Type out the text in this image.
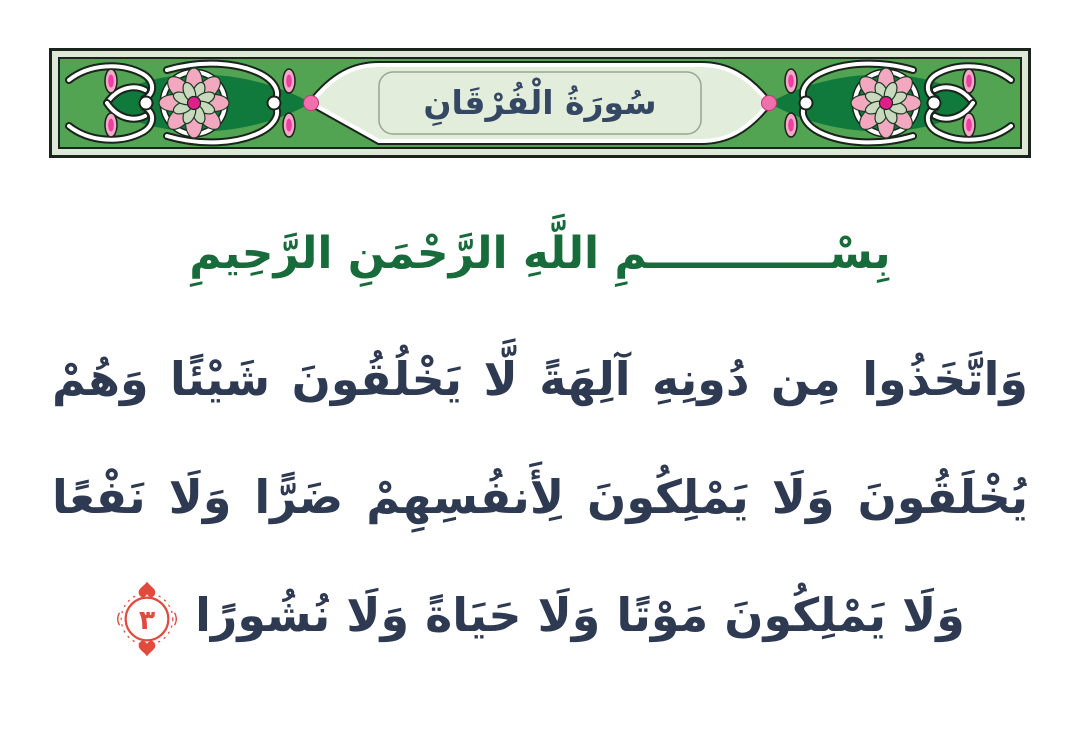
سُورَةُ الْفُرْقَانِ
بِسْــــــــــــمِ اللَّهِ الرَّحْمَنِ الرَّحِيمِ
وَاتَّخَذُوا مِن دُونِهِ آلِهَةً لَّا يَخْلُقُونَ شَيْئًا وَهُمْ
يُخْلَقُونَ وَلَا يَمْلِكُونَ لِأَنفُسِهِمْ ضَرًّا وَلَا نَفْعًا
وَلَا يَمْلِكُونَ مَوْتًا وَلَا حَيَاةً وَلَا نُشُورًا
٣
